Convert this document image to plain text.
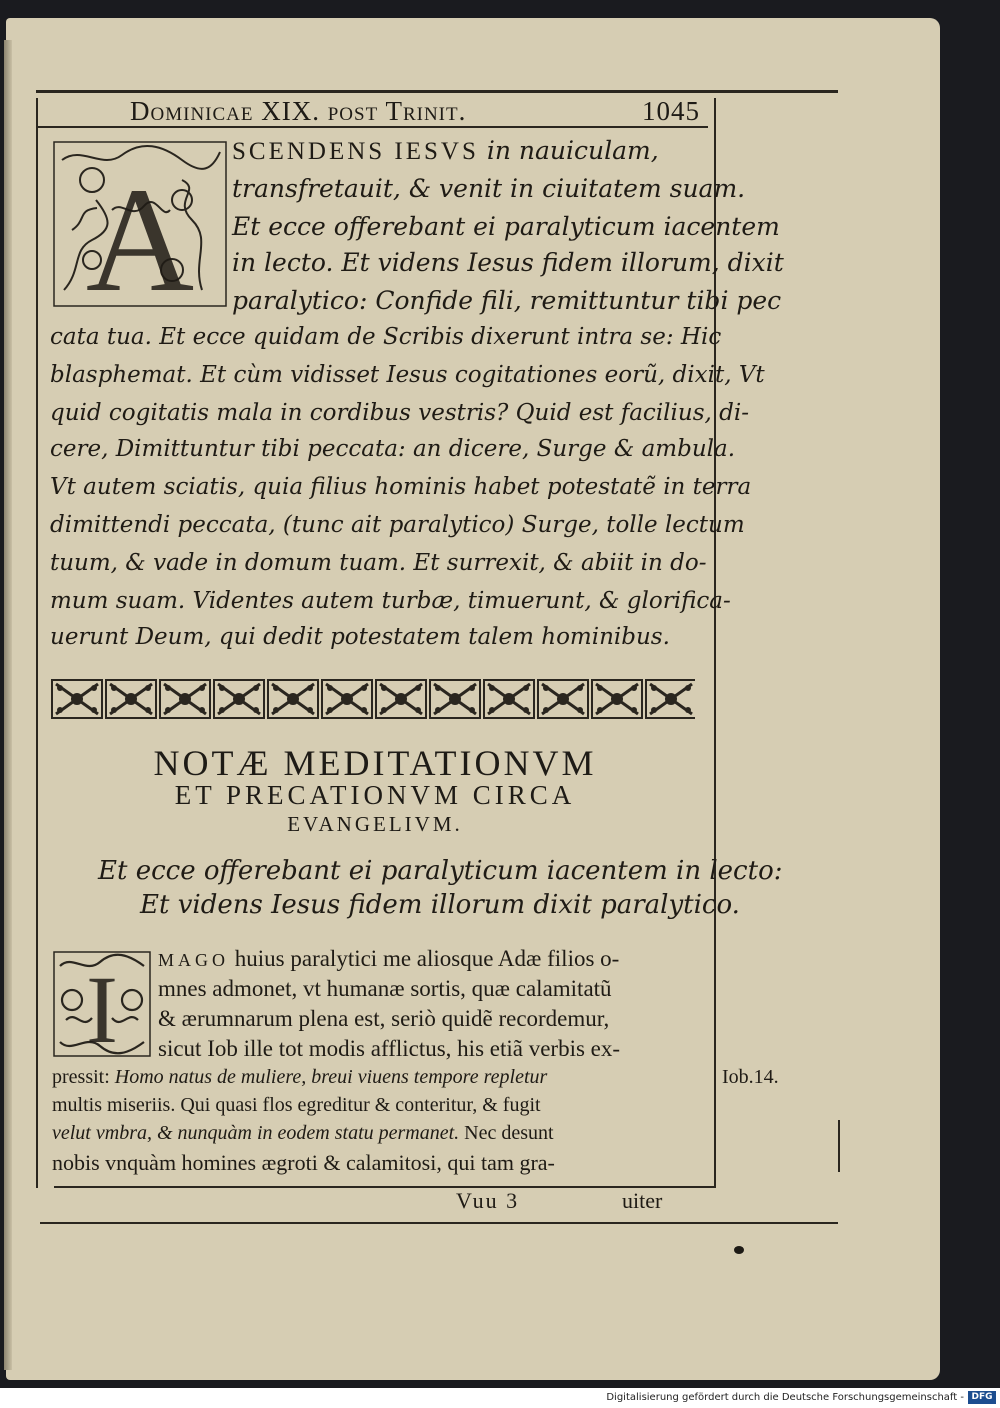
Dominicae XIX. post Trinit.	1045
A
SCENDENS IESVS in nauiculam,
transfretauit, & venit in ciuitatem suam.
Et ecce offerebant ei paralyticum iacentem
in lecto. Et videns Iesus fidem illorum, dixit
paralytico: Confide fili, remittuntur tibi pec
cata tua. Et ecce quidam de Scribis dixerunt intra se: Hic
blasphemat. Et cùm vidisset Iesus cogitationes eorũ, dixit, Vt
quid cogitatis mala in cordibus vestris? Quid est facilius, di-
cere, Dimittuntur tibi peccata: an dicere, Surge & ambula.
Vt autem sciatis, quia filius hominis habet potestatẽ in terra
dimittendi peccata, (tunc ait paralytico) Surge, tolle lectum
tuum, & vade in domum tuam. Et surrexit, & abiit in do-
mum suam. Videntes autem turbæ, timuerunt, & glorifica-
uerunt Deum, qui dedit potestatem talem hominibus.
NOTÆ MEDITATIONVM
ET PRECATIONVM CIRCA
EVANGELIVM.
Et ecce offerebant ei paralyticum iacentem in lecto:
Et videns Iesus fidem illorum dixit paralytico.
I MAGO huius paralytici me aliosque Adæ filios o-
mnes admonet, vt humanæ sortis, quæ calamitatũ
& ærumnarum plena est, seriò quidẽ recordemur,
sicut Iob ille tot modis afflictus, his etiã verbis ex-
pressit: Homo natus de muliere, breui viuens tempore repletur
multis miseriis. Qui quasi flos egreditur & conteritur, & fugit
velut vmbra, & nunquàm in eodem statu permanet. Nec desunt
nobis vnquàm homines ægroti & calamitosi, qui tam gra-
Iob.14.
Vuu 3	uiter
Digitalisierung gefördert durch die Deutsche Forschungsgemeinschaft - DFG
